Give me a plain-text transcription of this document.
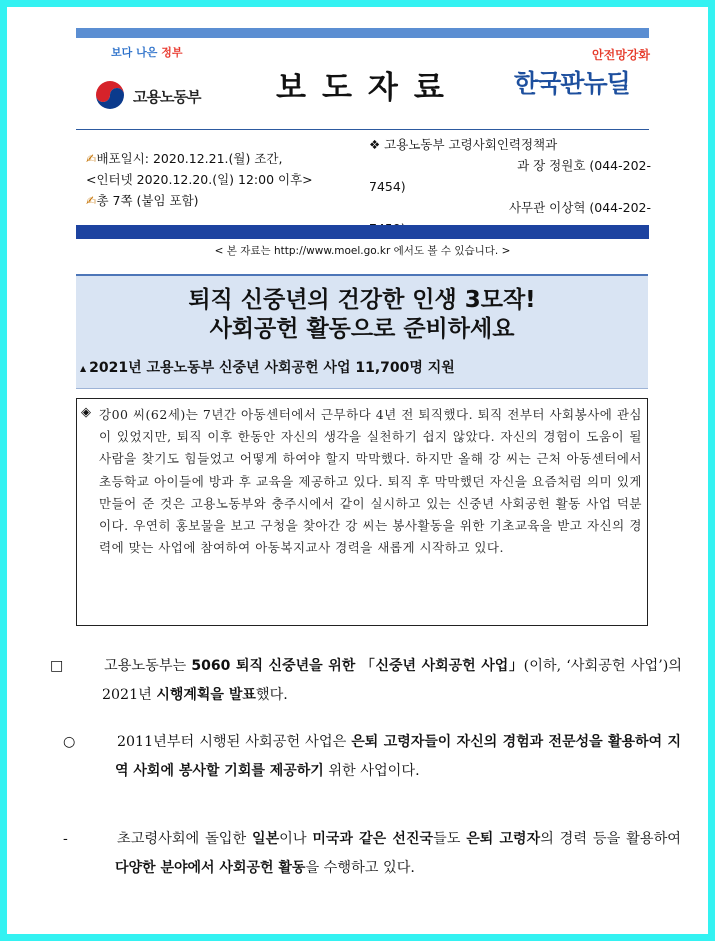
보다 나은 정부
고용노동부 보도자료
안전망강화
한국판뉴딜
✍배포일시: 2020.12.21.(월) 조간,
<인터넷 2020.12.20.(일) 12:00 이후>
✍총 7쪽 (붙임 포함)
❖ 고용노동부 고령사회인력정책과
과 장 정원호 (044-202-
7454)
사무관 이상혁 (044-202-
< 본 자료는 http://www.moel.go.kr 에서도 볼 수 있습니다. >
퇴직 신중년의 건강한 인생 3모작!
사회공헌 활동으로 준비하세요
▲ 2021년 고용노동부 신중년 사회공헌 사업 11,700명 지원
◈ 강00 씨(62세)는 7년간 아동센터에서 근무하다 4년 전 퇴직했다. 퇴직 전부터 사회봉사에 관심이 있었지만, 퇴직 이후 한동안 자신의 생각을 실천하기 쉽지 않았다. 자신의 경험이 도움이 될 사람을 찾기도 힘들었고 어떻게 하여야 할지 막막했다. 하지만 올해 강 씨는 근처 아동센터에서 초등학교 아이들에 방과 후 교육을 제공하고 있다. 퇴직 후 막막했던 자신을 요즘처럼 의미 있게 만들어 준 것은 고용노동부와 충주시에서 같이 실시하고 있는 신중년 사회공헌 활동 사업 덕분이다. 우연히 홍보물을 보고 구청을 찾아간 강 씨는 봉사활동을 위한 기초교육을 받고 자신의 경력에 맞는 사업에 참여하여 아동복지교사 경력을 새롭게 시작하고 있다.
□	고용노동부는 5060 퇴직 신중년을 위한 「신중년 사회공헌 사업」(이하, ‘사회공헌 사업’)의 2021년 시행계획을 발표했다.
○	2011년부터 시행된 사회공헌 사업은 은퇴 고령자들이 자신의 경험과 전문성을 활용하여 지역 사회에 봉사할 기회를 제공하기 위한 사업이다.
-	초고령사회에 돌입한 일본이나 미국과 같은 선진국들도 은퇴 고령자의 경력 등을 활용하여 다양한 분야에서 사회공헌 활동을 수행하고 있다.
